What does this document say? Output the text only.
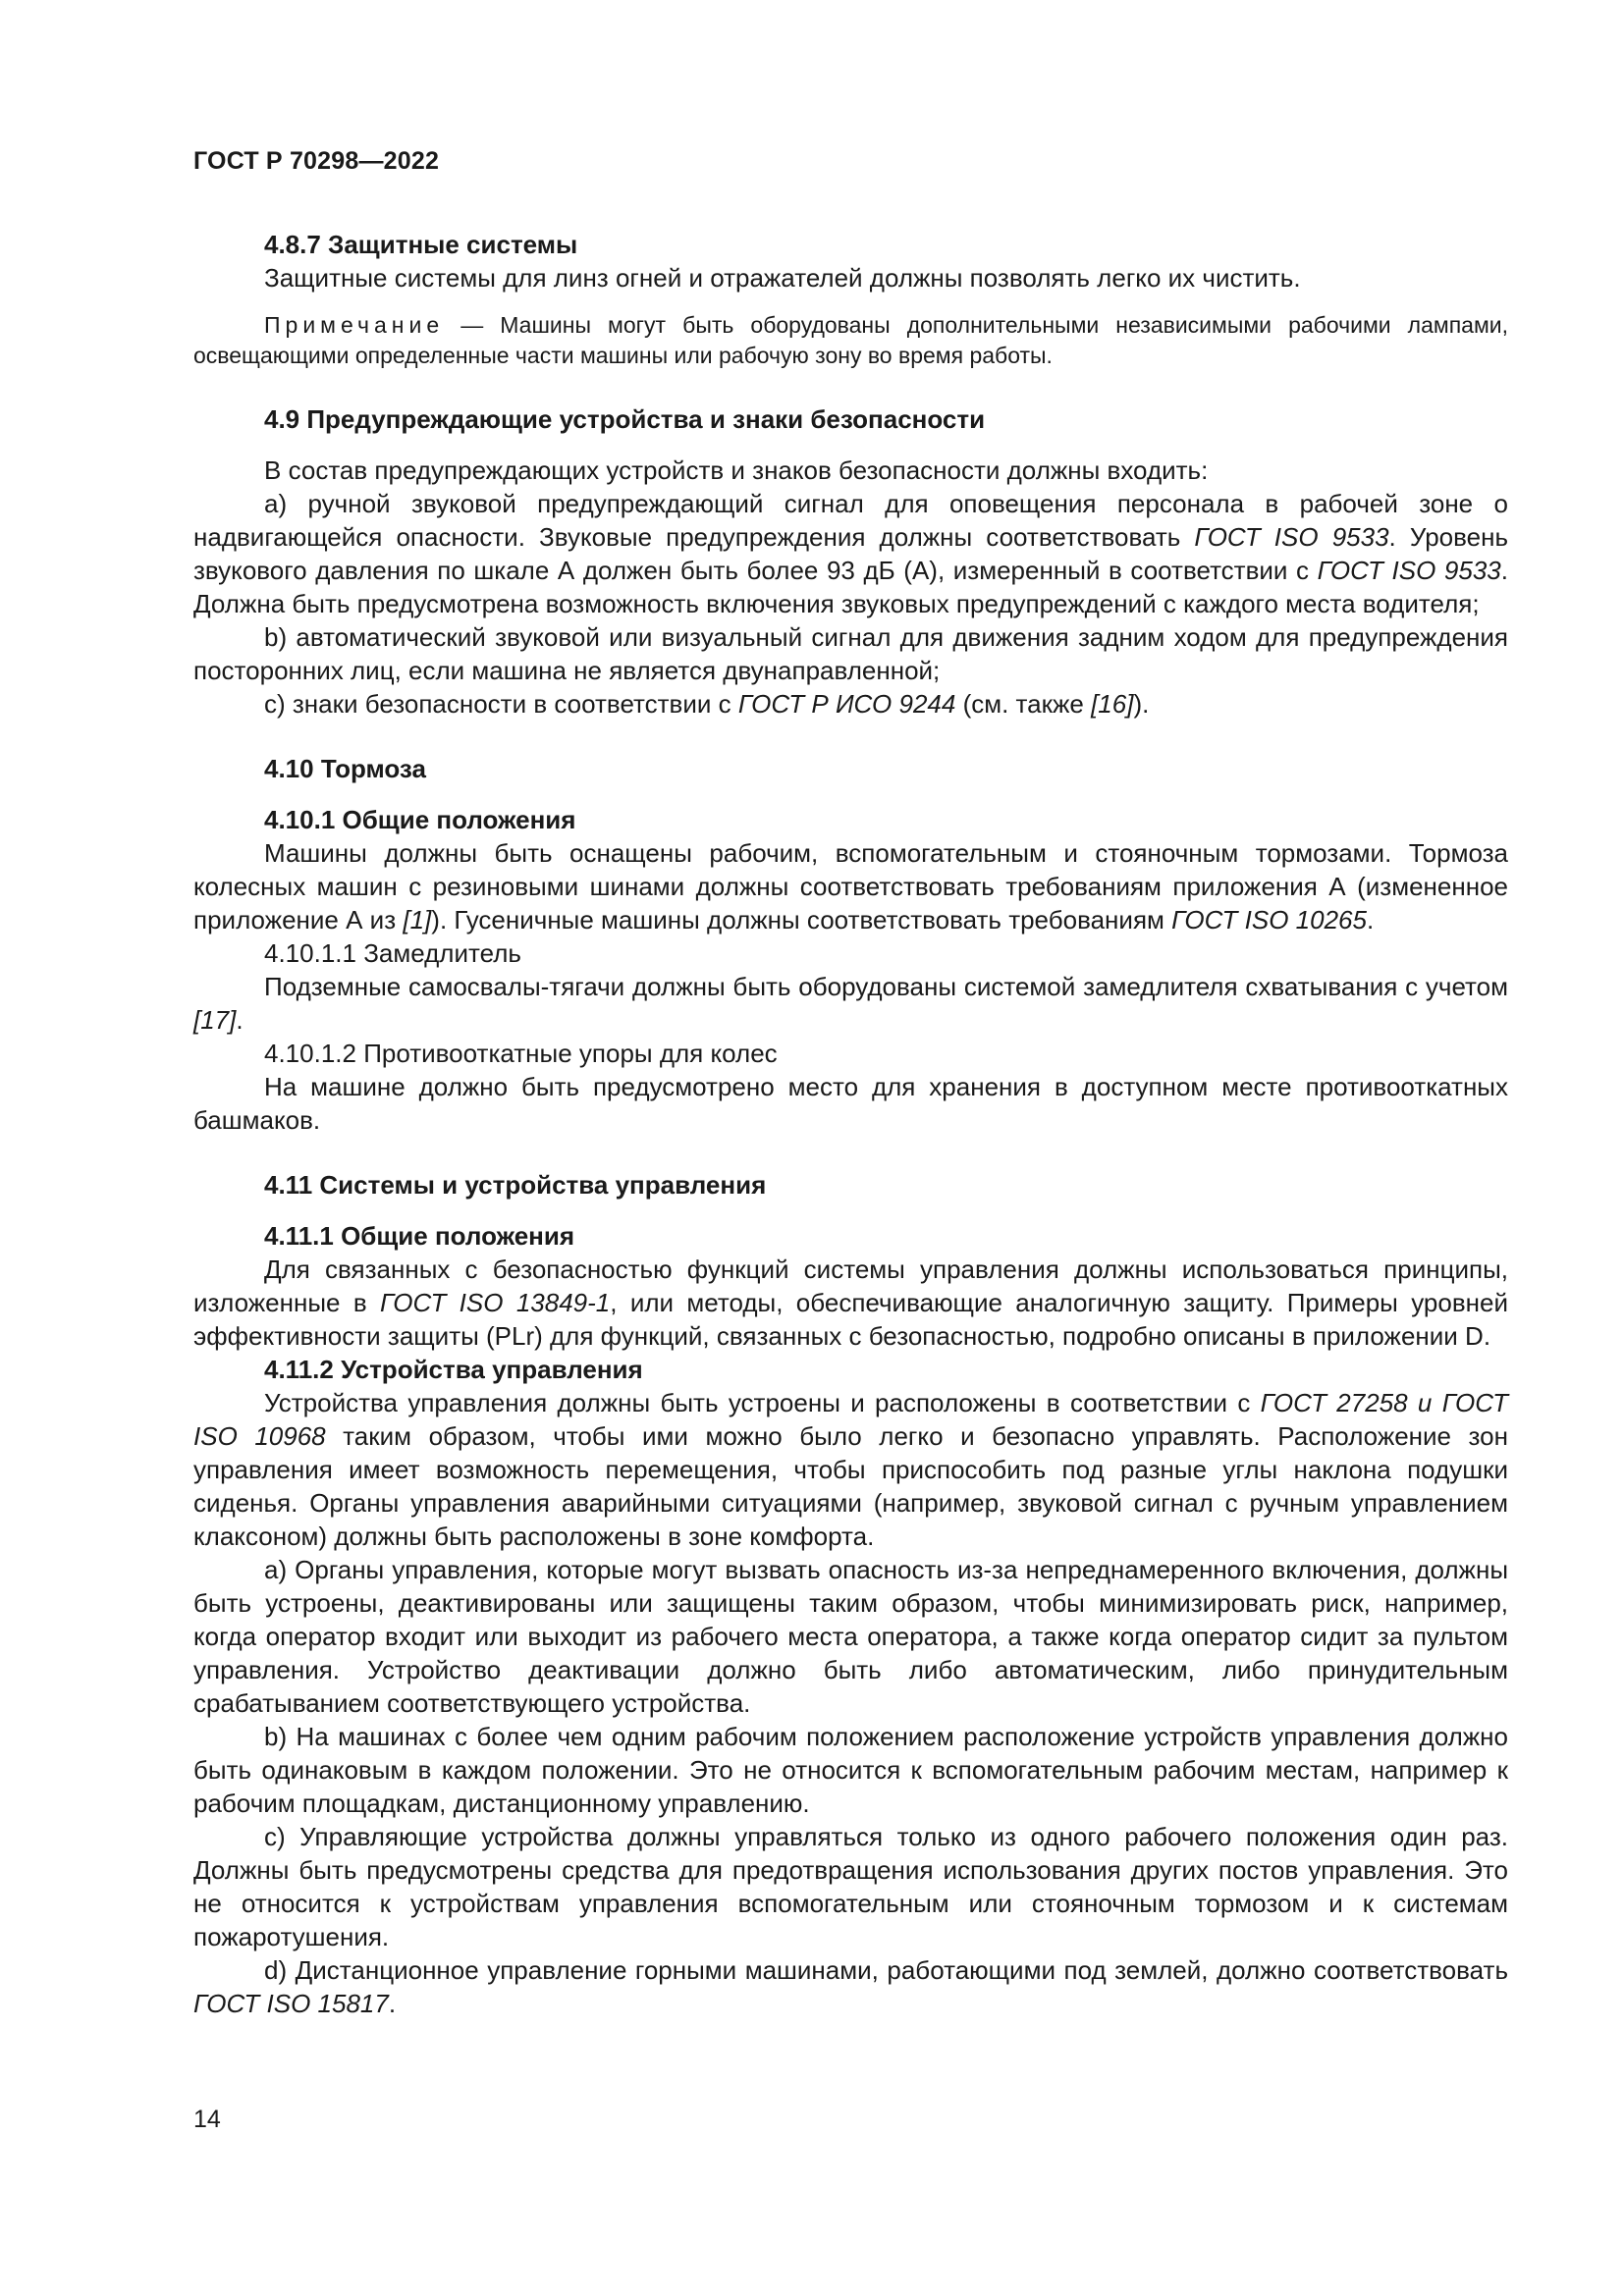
ГОСТ Р 70298—2022

4.8.7 Защитные системы

Защитные системы для линз огней и отражателей должны позволять легко их чистить.

Примечание — Машины могут быть оборудованы дополнительными независимыми рабочими лампами, освещающими определенные части машины или рабочую зону во время работы.

4.9 Предупреждающие устройства и знаки безопасности

В состав предупреждающих устройств и знаков безопасности должны входить:

a) ручной звуковой предупреждающий сигнал для оповещения персонала в рабочей зоне о надвигающейся опасности. Звуковые предупреждения должны соответствовать ГОСТ ISO 9533. Уровень звукового давления по шкале А должен быть более 93 дБ (А), измеренный в соответствии с ГОСТ ISO 9533. Должна быть предусмотрена возможность включения звуковых предупреждений с каждого места водителя;

b) автоматический звуковой или визуальный сигнал для движения задним ходом для предупреждения посторонних лиц, если машина не является двунаправленной;

c) знаки безопасности в соответствии с ГОСТ Р ИСО 9244 (см. также [16]).

4.10 Тормоза

4.10.1 Общие положения

Машины должны быть оснащены рабочим, вспомогательным и стояночным тормозами. Тормоза колесных машин с резиновыми шинами должны соответствовать требованиям приложения А (измененное приложение А из [1]). Гусеничные машины должны соответствовать требованиям ГОСТ ISO 10265.

4.10.1.1 Замедлитель

Подземные самосвалы-тягачи должны быть оборудованы системой замедлителя схватывания с учетом [17].

4.10.1.2 Противооткатные упоры для колес

На машине должно быть предусмотрено место для хранения в доступном месте противооткатных башмаков.

4.11 Системы и устройства управления

4.11.1 Общие положения

Для связанных с безопасностью функций системы управления должны использоваться принципы, изложенные в ГОСТ ISO 13849-1, или методы, обеспечивающие аналогичную защиту. Примеры уровней эффективности защиты (PLr) для функций, связанных с безопасностью, подробно описаны в приложении D.

4.11.2 Устройства управления

Устройства управления должны быть устроены и расположены в соответствии с ГОСТ 27258 и ГОСТ ISO 10968 таким образом, чтобы ими можно было легко и безопасно управлять. Расположение зон управления имеет возможность перемещения, чтобы приспособить под разные углы наклона подушки сиденья. Органы управления аварийными ситуациями (например, звуковой сигнал с ручным управлением клаксоном) должны быть расположены в зоне комфорта.

a) Органы управления, которые могут вызвать опасность из-за непреднамеренного включения, должны быть устроены, деактивированы или защищены таким образом, чтобы минимизировать риск, например, когда оператор входит или выходит из рабочего места оператора, а также когда оператор сидит за пультом управления. Устройство деактивации должно быть либо автоматическим, либо принудительным срабатыванием соответствующего устройства.

b) На машинах с более чем одним рабочим положением расположение устройств управления должно быть одинаковым в каждом положении. Это не относится к вспомогательным рабочим местам, например к рабочим площадкам, дистанционному управлению.

c) Управляющие устройства должны управляться только из одного рабочего положения один раз. Должны быть предусмотрены средства для предотвращения использования других постов управления. Это не относится к устройствам управления вспомогательным или стояночным тормозом и к системам пожаротушения.

d) Дистанционное управление горными машинами, работающими под землей, должно соответствовать ГОСТ ISO 15817.

14
